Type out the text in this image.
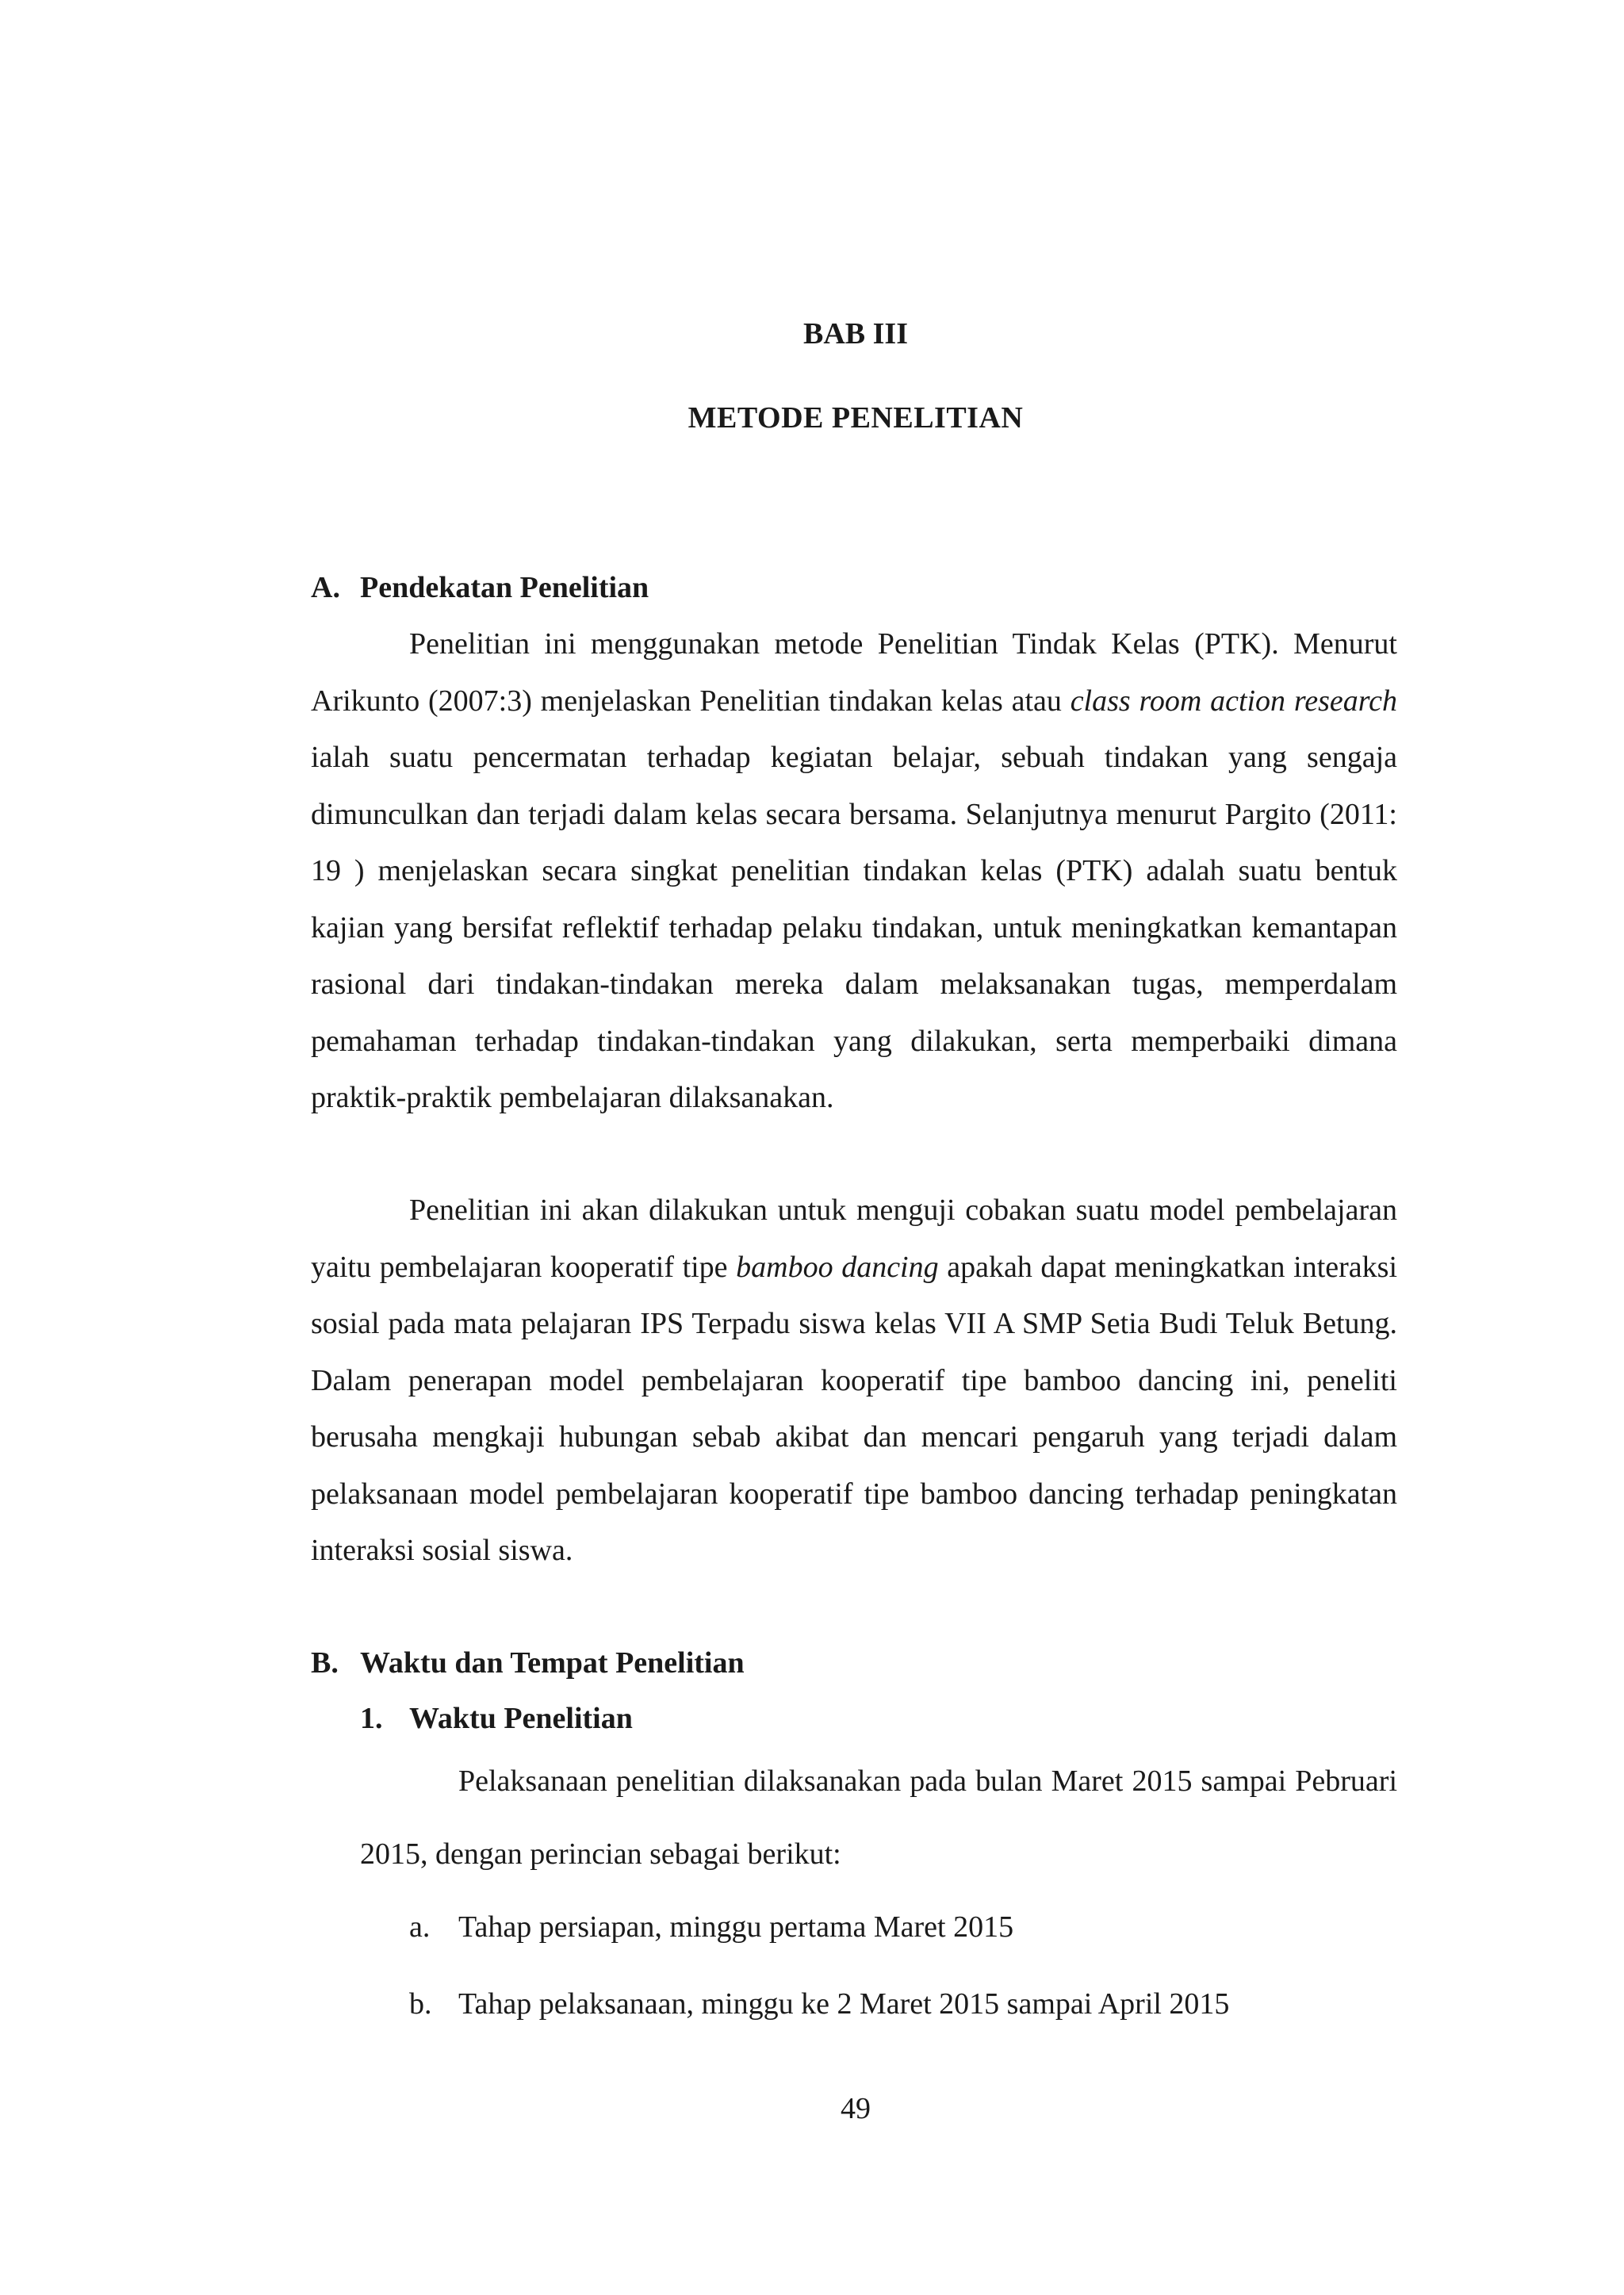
BAB III
METODE PENELITIAN
A. Pendekatan Penelitian

Penelitian ini menggunakan metode Penelitian Tindak Kelas (PTK). Menurut Arikunto (2007:3) menjelaskan Penelitian tindakan kelas atau class room action research ialah suatu pencermatan terhadap kegiatan belajar, sebuah tindakan yang sengaja dimunculkan dan terjadi dalam kelas secara bersama. Selanjutnya menurut Pargito (2011: 19 ) menjelaskan secara singkat penelitian tindakan kelas (PTK) adalah suatu bentuk kajian yang bersifat reflektif terhadap pelaku tindakan, untuk meningkatkan kemantapan rasional dari tindakan-tindakan mereka dalam melaksanakan tugas, memperdalam pemahaman terhadap tindakan-tindakan yang dilakukan, serta memperbaiki dimana praktik-praktik pembelajaran dilaksanakan.

Penelitian ini akan dilakukan untuk menguji cobakan suatu model pembelajaran yaitu pembelajaran kooperatif tipe bamboo dancing apakah dapat meningkatkan interaksi sosial pada mata pelajaran IPS Terpadu siswa kelas VII A SMP Setia Budi Teluk Betung. Dalam penerapan model pembelajaran kooperatif tipe bamboo dancing ini, peneliti berusaha mengkaji hubungan sebab akibat dan mencari pengaruh yang terjadi dalam pelaksanaan model pembelajaran kooperatif tipe bamboo dancing terhadap peningkatan interaksi sosial siswa.

B. Waktu dan Tempat Penelitian
1. Waktu Penelitian

Pelaksanaan penelitian dilaksanakan pada bulan Maret 2015 sampai Pebruari 2015, dengan perincian sebagai berikut:

a. Tahap persiapan, minggu pertama Maret 2015
b. Tahap pelaksanaan, minggu ke 2 Maret 2015 sampai April 2015
49
